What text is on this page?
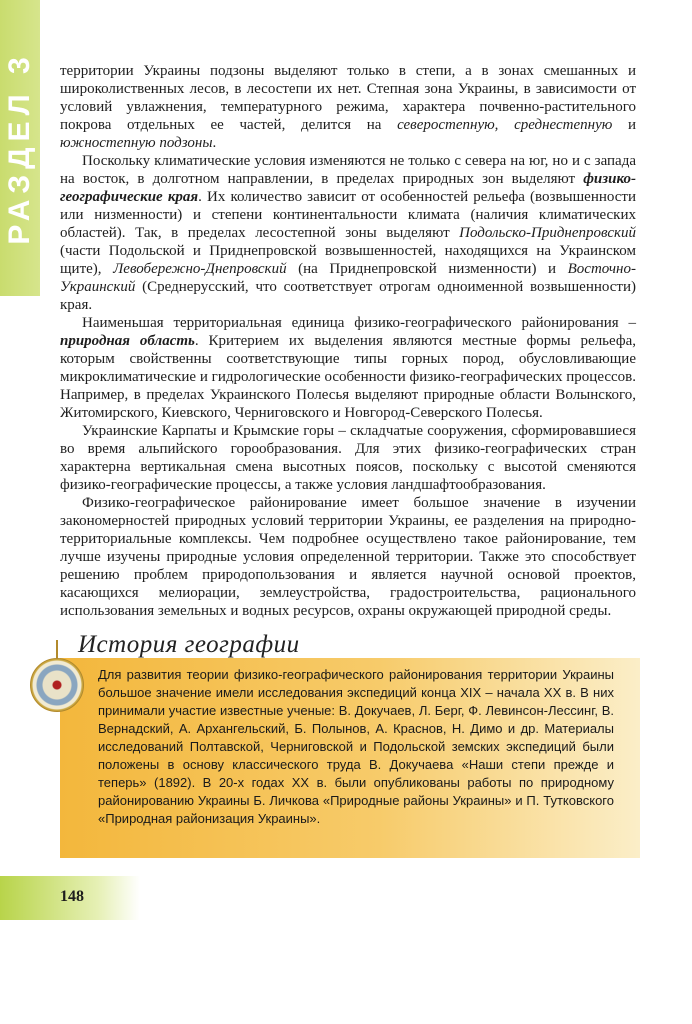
РАЗДЕЛ 3 территории Украины подзоны выделяют только в степи, а в зонах смешанных и широколиственных лесов, в лесостепи их нет. Степная зона Украины, в зависимости от условий увлажнения, температурного режима, характера почвенно-растительного покрова отдельных ее частей, делится на северостепную, среднестепную и южностепную подзоны.

Поскольку климатические условия изменяются не только с севера на юг, но и с запада на восток, в долготном направлении, в пределах природных зон выделяют физико-географические края. Их количество зависит от особенностей рельефа (возвышенности или низменности) и степени континентальности климата (наличия климатических областей). Так, в пределах лесостепной зоны выделяют Подольско-Приднепровский (части Подольской и Приднепровской возвышенностей, находящихся на Украинском щите), Левобережно-Днепровский (на Приднепровской низменности) и Восточно-Украинский (Среднерусский, что соответствует отрогам одноименной возвышенности) края.

Наименьшая территориальная единица физико-географического районирования – природная область. Критерием их выделения являются местные формы рельефа, которым свойственны соответствующие типы горных пород, обусловливающие микроклиматические и гидрологические особенности физико-географических процессов. Например, в пределах Украинского Полесья выделяют природные области Волынского, Житомирского, Киевского, Черниговского и Новгород-Северского Полесья.

Украинские Карпаты и Крымские горы – складчатые сооружения, сформировавшиеся во время альпийского горообразования. Для этих физико-географических стран характерна вертикальная смена высотных поясов, поскольку с высотой сменяются физико-географические процессы, а также условия ландшафтообразования.

Физико-географическое районирование имеет большое значение в изучении закономерностей природных условий территории Украины, ее разделения на природно-территориальные комплексы. Чем подробнее осуществлено такое районирование, тем лучше изучены природные условия определенной территории. Также это способствует решению проблем природопользования и является научной основой проектов, касающихся мелиорации, землеустройства, градостроительства, рационального использования земельных и водных ресурсов, охраны окружающей природной среды.

История географии
Для развития теории физико-географического районирования территории Украины большое значение имели исследования экспедиций конца XIX – начала XX в. В них принимали участие известные ученые: В. Докучаев, Л. Берг, Ф. Левинсон-Лессинг, В. Вернадский, А. Архангельский, Б. Полынов, А. Краснов, Н. Димо и др. Материалы исследований Полтавской, Черниговской и Подольской земских экспедиций были положены в основу классического труда В. Докучаева «Наши степи прежде и теперь» (1892). В 20-х годах XX в. были опубликованы работы по природному районированию Украины Б. Личкова «Природные районы Украины» и П. Тутковского «Природная районизация Украины».
148
